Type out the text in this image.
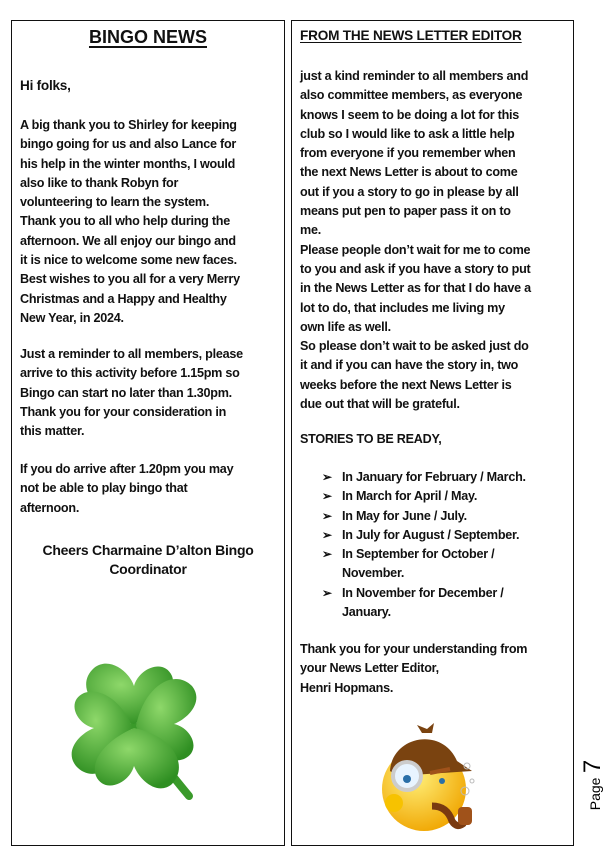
BINGO NEWS
Hi folks,
A big thank you to Shirley for keeping
bingo going for us and also Lance for
his help in the winter months, I would
also like to thank Robyn for
volunteering to learn the system.
Thank you to all who help during the
afternoon. We all enjoy our bingo and
it is nice to welcome some new faces.
Best wishes to you all for a very Merry
Christmas and a Happy and Healthy
New Year, in 2024.
Just a reminder to all members, please
arrive to this activity before 1.15pm so
Bingo can start no later than 1.30pm.
Thank you for your consideration in
this matter.
If you do arrive after 1.20pm you may
not be able to play bingo that
afternoon.
Cheers Charmaine D’alton Bingo
Coordinator
FROM THE NEWS LETTER EDITOR
just a kind reminder to all members and
also committee members, as everyone
knows I seem to be doing a lot for this
club so I would like to ask a little help
from everyone if you remember when
the next News Letter is about to come
out if you a story to go in please by all
means put pen to paper pass it on to
me.
Please people don’t wait for me to come
to you and ask if you have a story to put
in the News Letter as for that I do have a
lot to do, that includes me living my
own life as well.
So please don’t wait to be asked just do
it and if you can have the story in, two
weeks before the next News Letter is
due out that will be grateful.
STORIES TO BE READY,
➢ In January for February / March.
➢ In March for April / May.
➢ In May for June / July.
➢ In July for August / September.
➢ In September for October /
November.
➢ In November for December /
January.
Thank you for your understanding from
your News Letter Editor,
Henri Hopmans.
Page 7
